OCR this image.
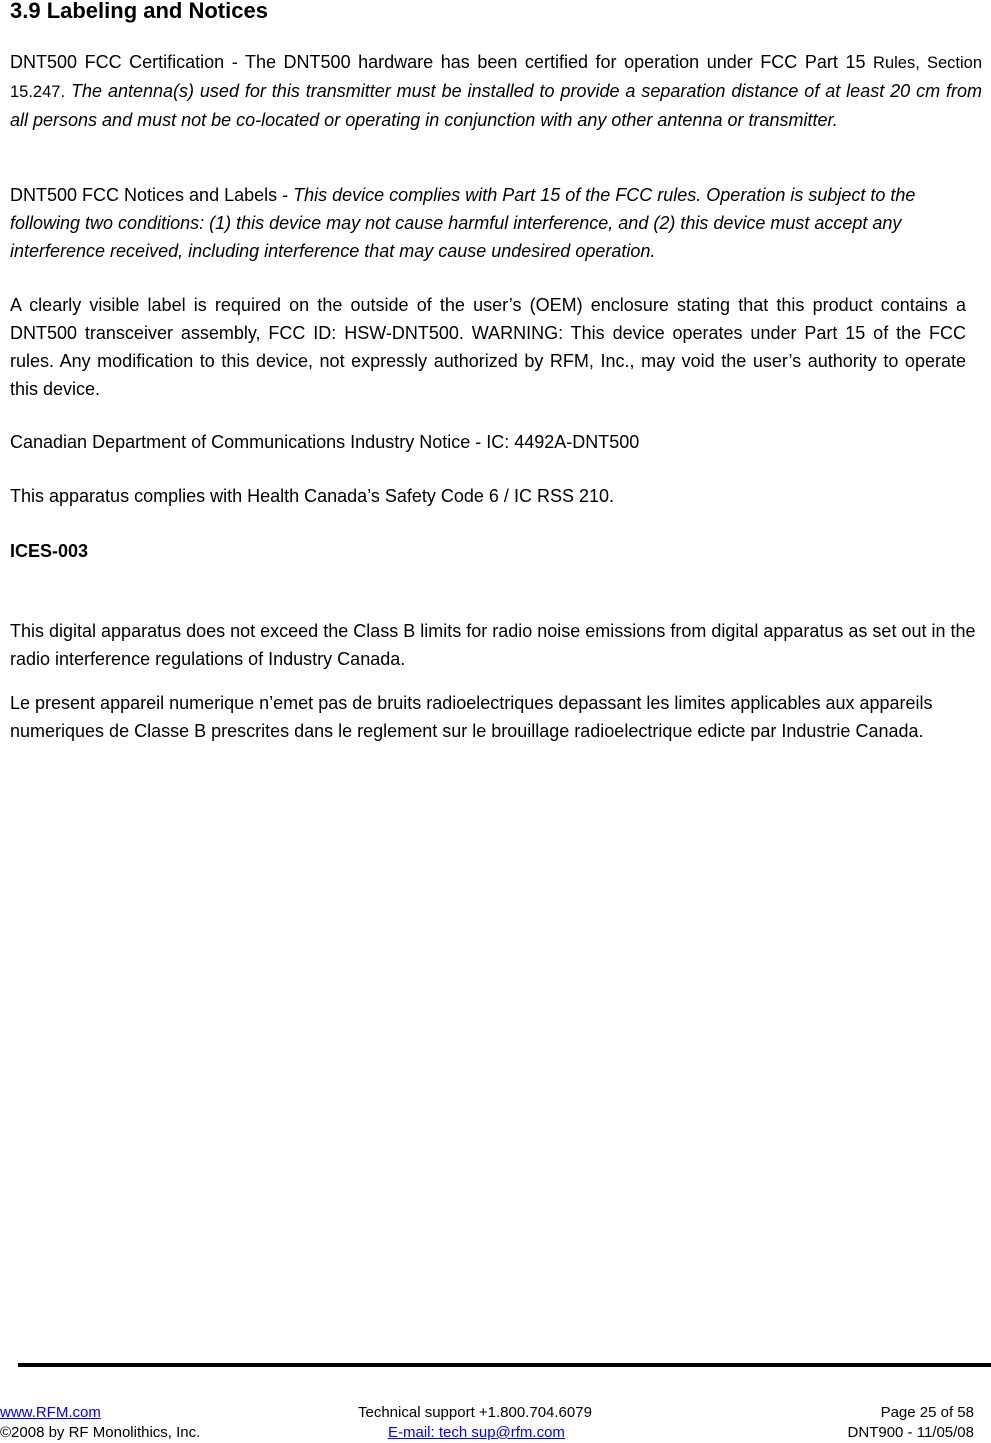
3.9 Labeling and Notices

DNT500 FCC Certification - The DNT500 hardware has been certified for operation under FCC Part 15 Rules, Section 15.247. The antenna(s) used for this transmitter must be installed to provide a separation distance of at least 20 cm from all persons and must not be co-located or operating in conjunction with any other antenna or transmitter.

DNT500 FCC Notices and Labels - This device complies with Part 15 of the FCC rules. Operation is subject to the following two conditions: (1) this device may not cause harmful interference, and (2) this device must accept any interference received, including interference that may cause undesired operation.

A clearly visible label is required on the outside of the user’s (OEM) enclosure stating that this product contains a DNT500 transceiver assembly, FCC ID: HSW-DNT500. WARNING: This device operates under Part 15 of the FCC rules. Any modification to this device, not expressly authorized by RFM, Inc., may void the user’s authority to operate this device.

Canadian Department of Communications Industry Notice - IC: 4492A-DNT500

This apparatus complies with Health Canada’s Safety Code 6 / IC RSS 210.

ICES-003

This digital apparatus does not exceed the Class B limits for radio noise emissions from digital apparatus as set out in the radio interference regulations of Industry Canada.

Le present appareil numerique n’emet pas de bruits radioelectriques depassant les limites applicables aux appareils numeriques de Classe B prescrites dans le reglement sur le brouillage radioelectrique edicte par Industrie Canada.

www.RFM.com

©2008 by RF Monolithics, Inc.

Technical support +1.800.704.6079

E-mail: tech sup@rfm.com

Page 25 of 58

DNT900 - 11/05/08
